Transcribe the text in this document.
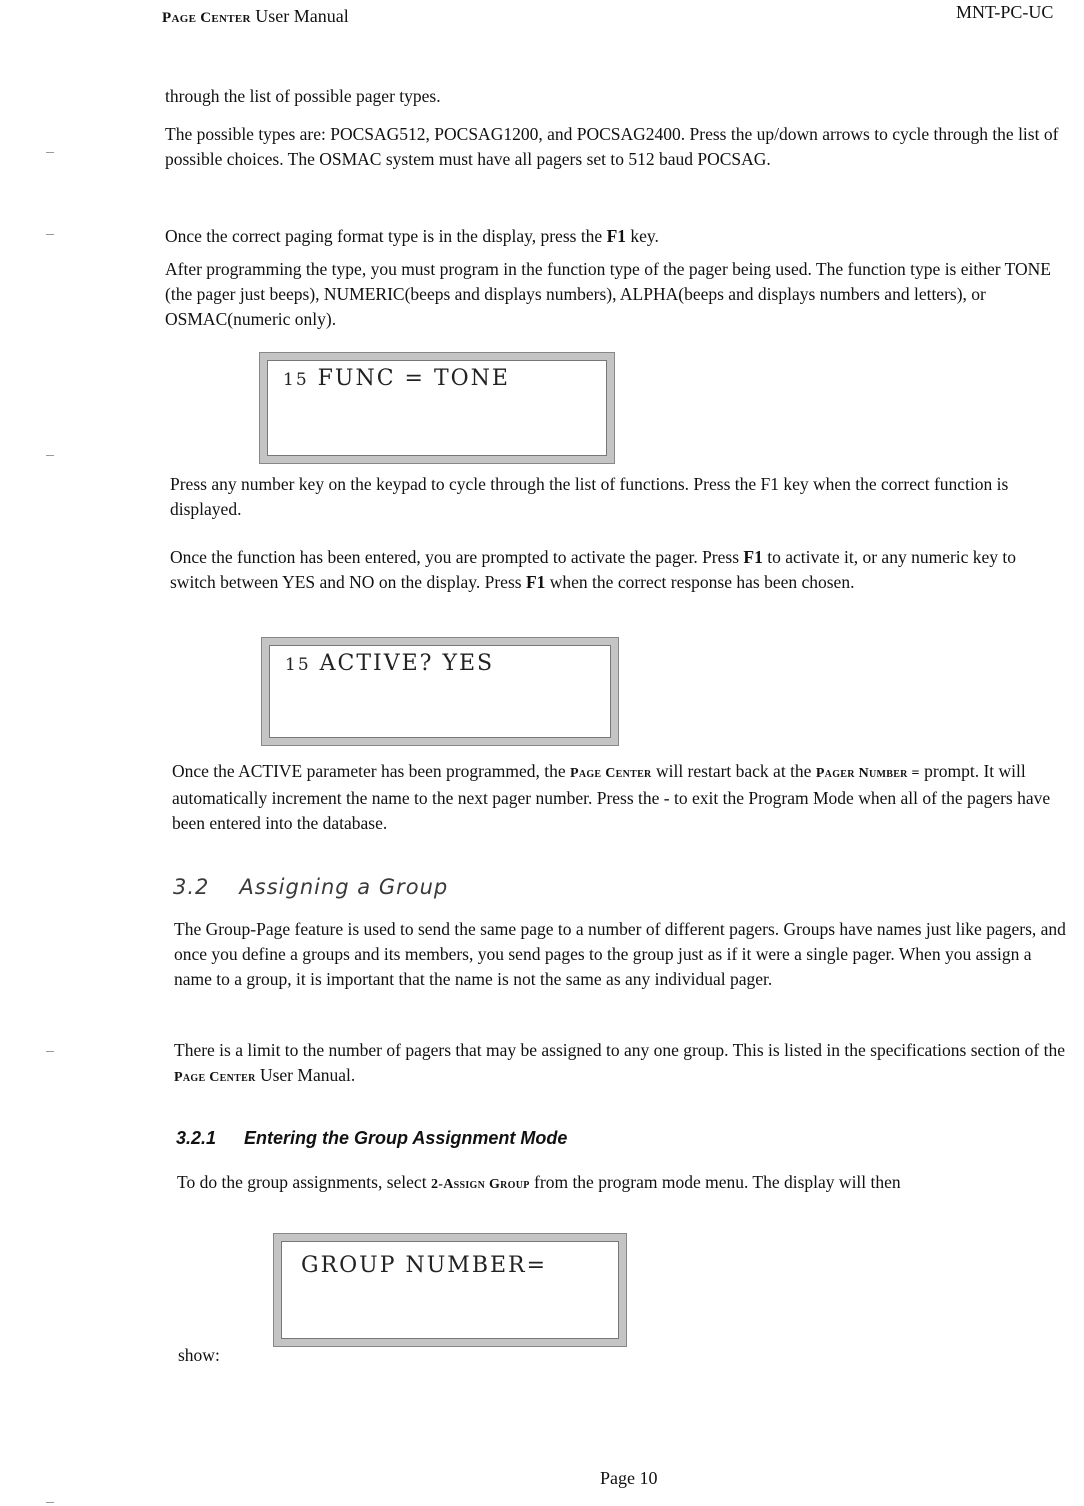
Page Center User Manual	MNT-PC-UC

through the list of possible pager types.

The possible types are: POCSAG512, POCSAG1200, and POCSAG2400. Press the up/down arrows to cycle through the list of possible choices. The OSMAC system must have all pagers set to 512 baud POCSAG.

Once the correct paging format type is in the display, press the F1 key.

After programming the type, you must program in the function type of the pager being used. The function type is either TONE (the pager just beeps), NUMERIC(beeps and displays numbers), ALPHA(beeps and displays numbers and letters), or OSMAC(numeric only).

15 FUNC = TONE

Press any number key on the keypad to cycle through the list of functions. Press the F1 key when the correct function is displayed.

Once the function has been entered, you are prompted to activate the pager. Press F1 to activate it, or any numeric key to switch between YES and NO on the display. Press F1 when the correct response has been chosen.

15 ACTIVE? YES

Once the ACTIVE parameter has been programmed, the Page Center will restart back at the Pager Number = prompt. It will automatically increment the name to the next pager number. Press the - to exit the Program Mode when all of the pagers have been entered into the database.

3.2 Assigning a Group

The Group-Page feature is used to send the same page to a number of different pagers. Groups have names just like pagers, and once you define a groups and its members, you send pages to the group just as if it were a single pager. When you assign a name to a group, it is important that the name is not the same as any individual pager.

There is a limit to the number of pagers that may be assigned to any one group. This is listed in the specifications section of the Page Center User Manual.

3.2.1 Entering the Group Assignment Mode

To do the group assignments, select 2-Assign Group from the program mode menu. The display will then

GROUP NUMBER=

show:

Page 10
